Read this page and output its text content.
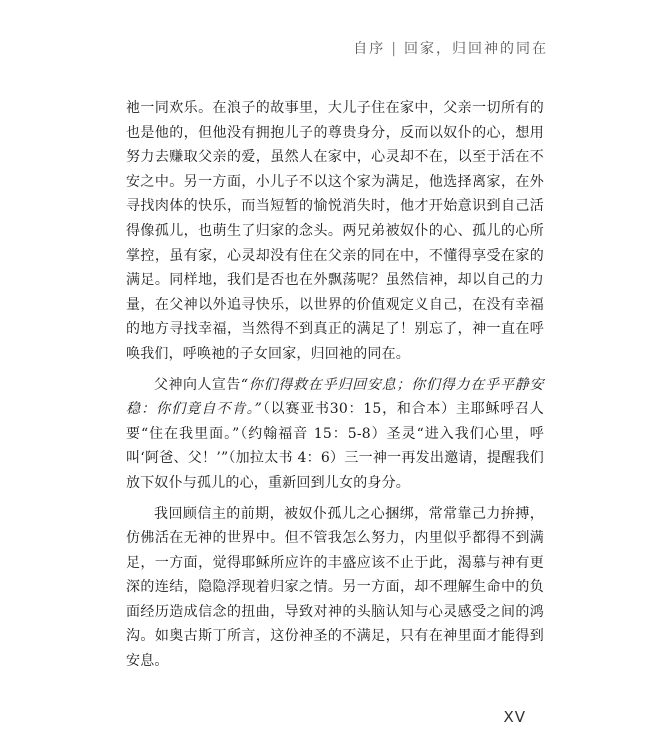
自序 | 回家，归回神的同在

祂一同欢乐。在浪子的故事里，大儿子住在家中，父亲一切所有的也是他的，但他没有拥抱儿子的尊贵身分，反而以奴仆的心，想用努力去赚取父亲的爱，虽然人在家中，心灵却不在，以至于活在不安之中。另一方面，小儿子不以这个家为满足，他选择离家，在外寻找肉体的快乐，而当短暂的愉悦消失时，他才开始意识到自己活得像孤儿，也萌生了归家的念头。两兄弟被奴仆的心、孤儿的心所掌控，虽有家，心灵却没有住在父亲的同在中，不懂得享受在家的满足。同样地，我们是否也在外飘荡呢？虽然信神，却以自己的力量，在父神以外追寻快乐，以世界的价值观定义自己，在没有幸福的地方寻找幸福，当然得不到真正的满足了！别忘了，神一直在呼唤我们，呼唤祂的子女回家，归回祂的同在。

父神向人宣告“你们得救在乎归回安息；你们得力在乎平静安稳：你们竟自不肯。”（以赛亚书30：15，和合本）主耶稣呼召人要“住在我里面。”（约翰福音 15：5-8）圣灵“进入我们心里，呼叫‘阿爸、父！’”（加拉太书 4：6）三一神一再发出邀请，提醒我们放下奴仆与孤儿的心，重新回到儿女的身分。

我回顾信主的前期，被奴仆孤儿之心捆绑，常常靠己力拚搏，仿佛活在无神的世界中。但不管我怎么努力，内里似乎都得不到满足，一方面，觉得耶稣所应许的丰盛应该不止于此，渴慕与神有更深的连结，隐隐浮现着归家之情。另一方面，却不理解生命中的负面经历造成信念的扭曲，导致对神的头脑认知与心灵感受之间的鸿沟。如奥古斯丁所言，这份神圣的不满足，只有在神里面才能得到安息。

XV
